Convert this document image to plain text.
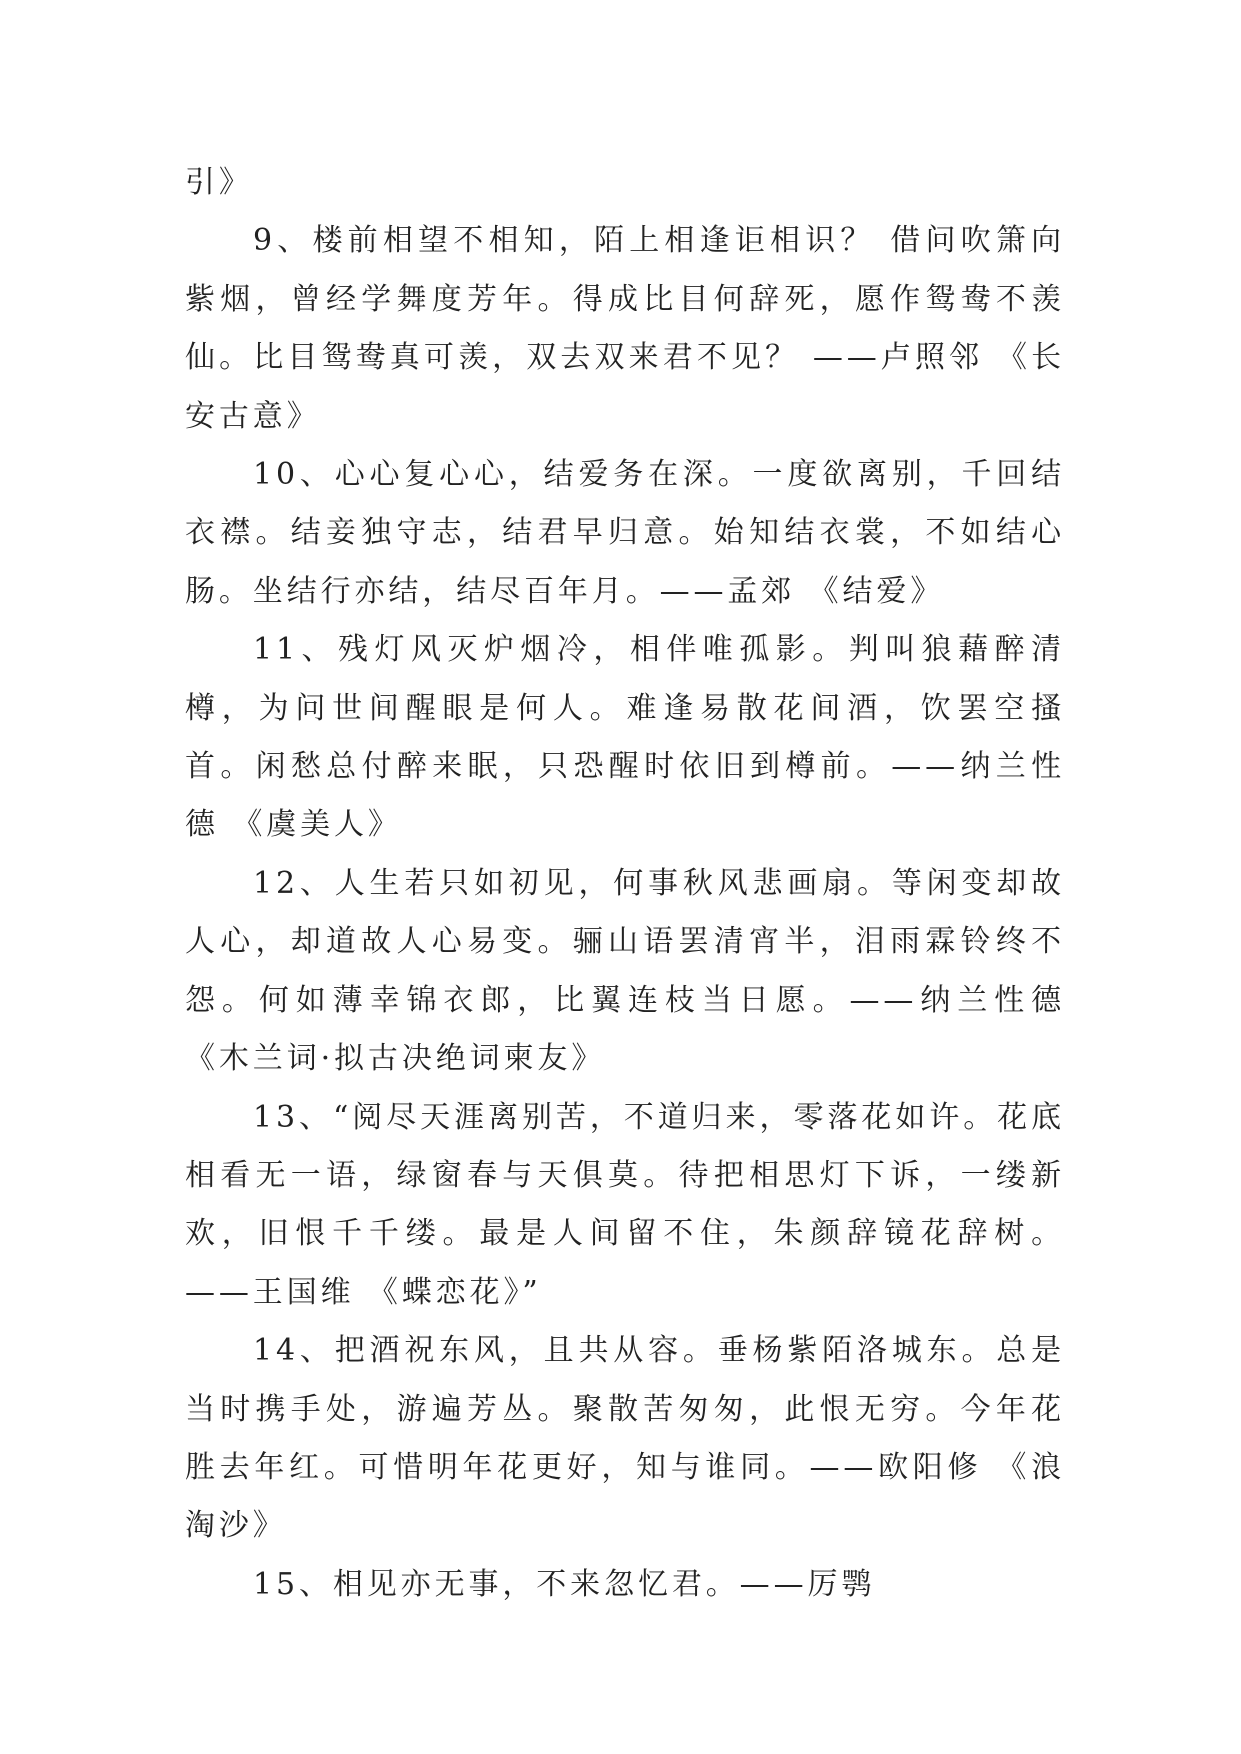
引》

9、楼前相望不相知，陌上相逢讵相识？ 借问吹箫向紫烟，曾经学舞度芳年。得成比目何辞死，愿作鸳鸯不羡仙。比目鸳鸯真可羡，双去双来君不见？ ——卢照邻 《长安古意》

10、心心复心心，结爱务在深。一度欲离别，千回结衣襟。结妾独守志，结君早归意。始知结衣裳，不如结心肠。坐结行亦结，结尽百年月。——孟郊 《结爱》

11、残灯风灭炉烟冷，相伴唯孤影。判叫狼藉醉清樽，为问世间醒眼是何人。难逢易散花间酒，饮罢空搔首。闲愁总付醉来眠，只恐醒时依旧到樽前。——纳兰性德 《虞美人》

12、人生若只如初见，何事秋风悲画扇。等闲变却故人心，却道故人心易变。骊山语罢清宵半，泪雨霖铃终不怨。何如薄幸锦衣郎，比翼连枝当日愿。——纳兰性德 《木兰词·拟古决绝词柬友》

13、“阅尽天涯离别苦，不道归来，零落花如许。花底相看无一语，绿窗春与天俱莫。待把相思灯下诉，一缕新欢，旧恨千千缕。最是人间留不住，朱颜辞镜花辞树。——王国维 《蝶恋花》”

14、把酒祝东风，且共从容。垂杨紫陌洛城东。总是当时携手处，游遍芳丛。聚散苦匆匆，此恨无穷。今年花胜去年红。可惜明年花更好，知与谁同。——欧阳修 《浪淘沙》

15、相见亦无事，不来忽忆君。——厉鹗
